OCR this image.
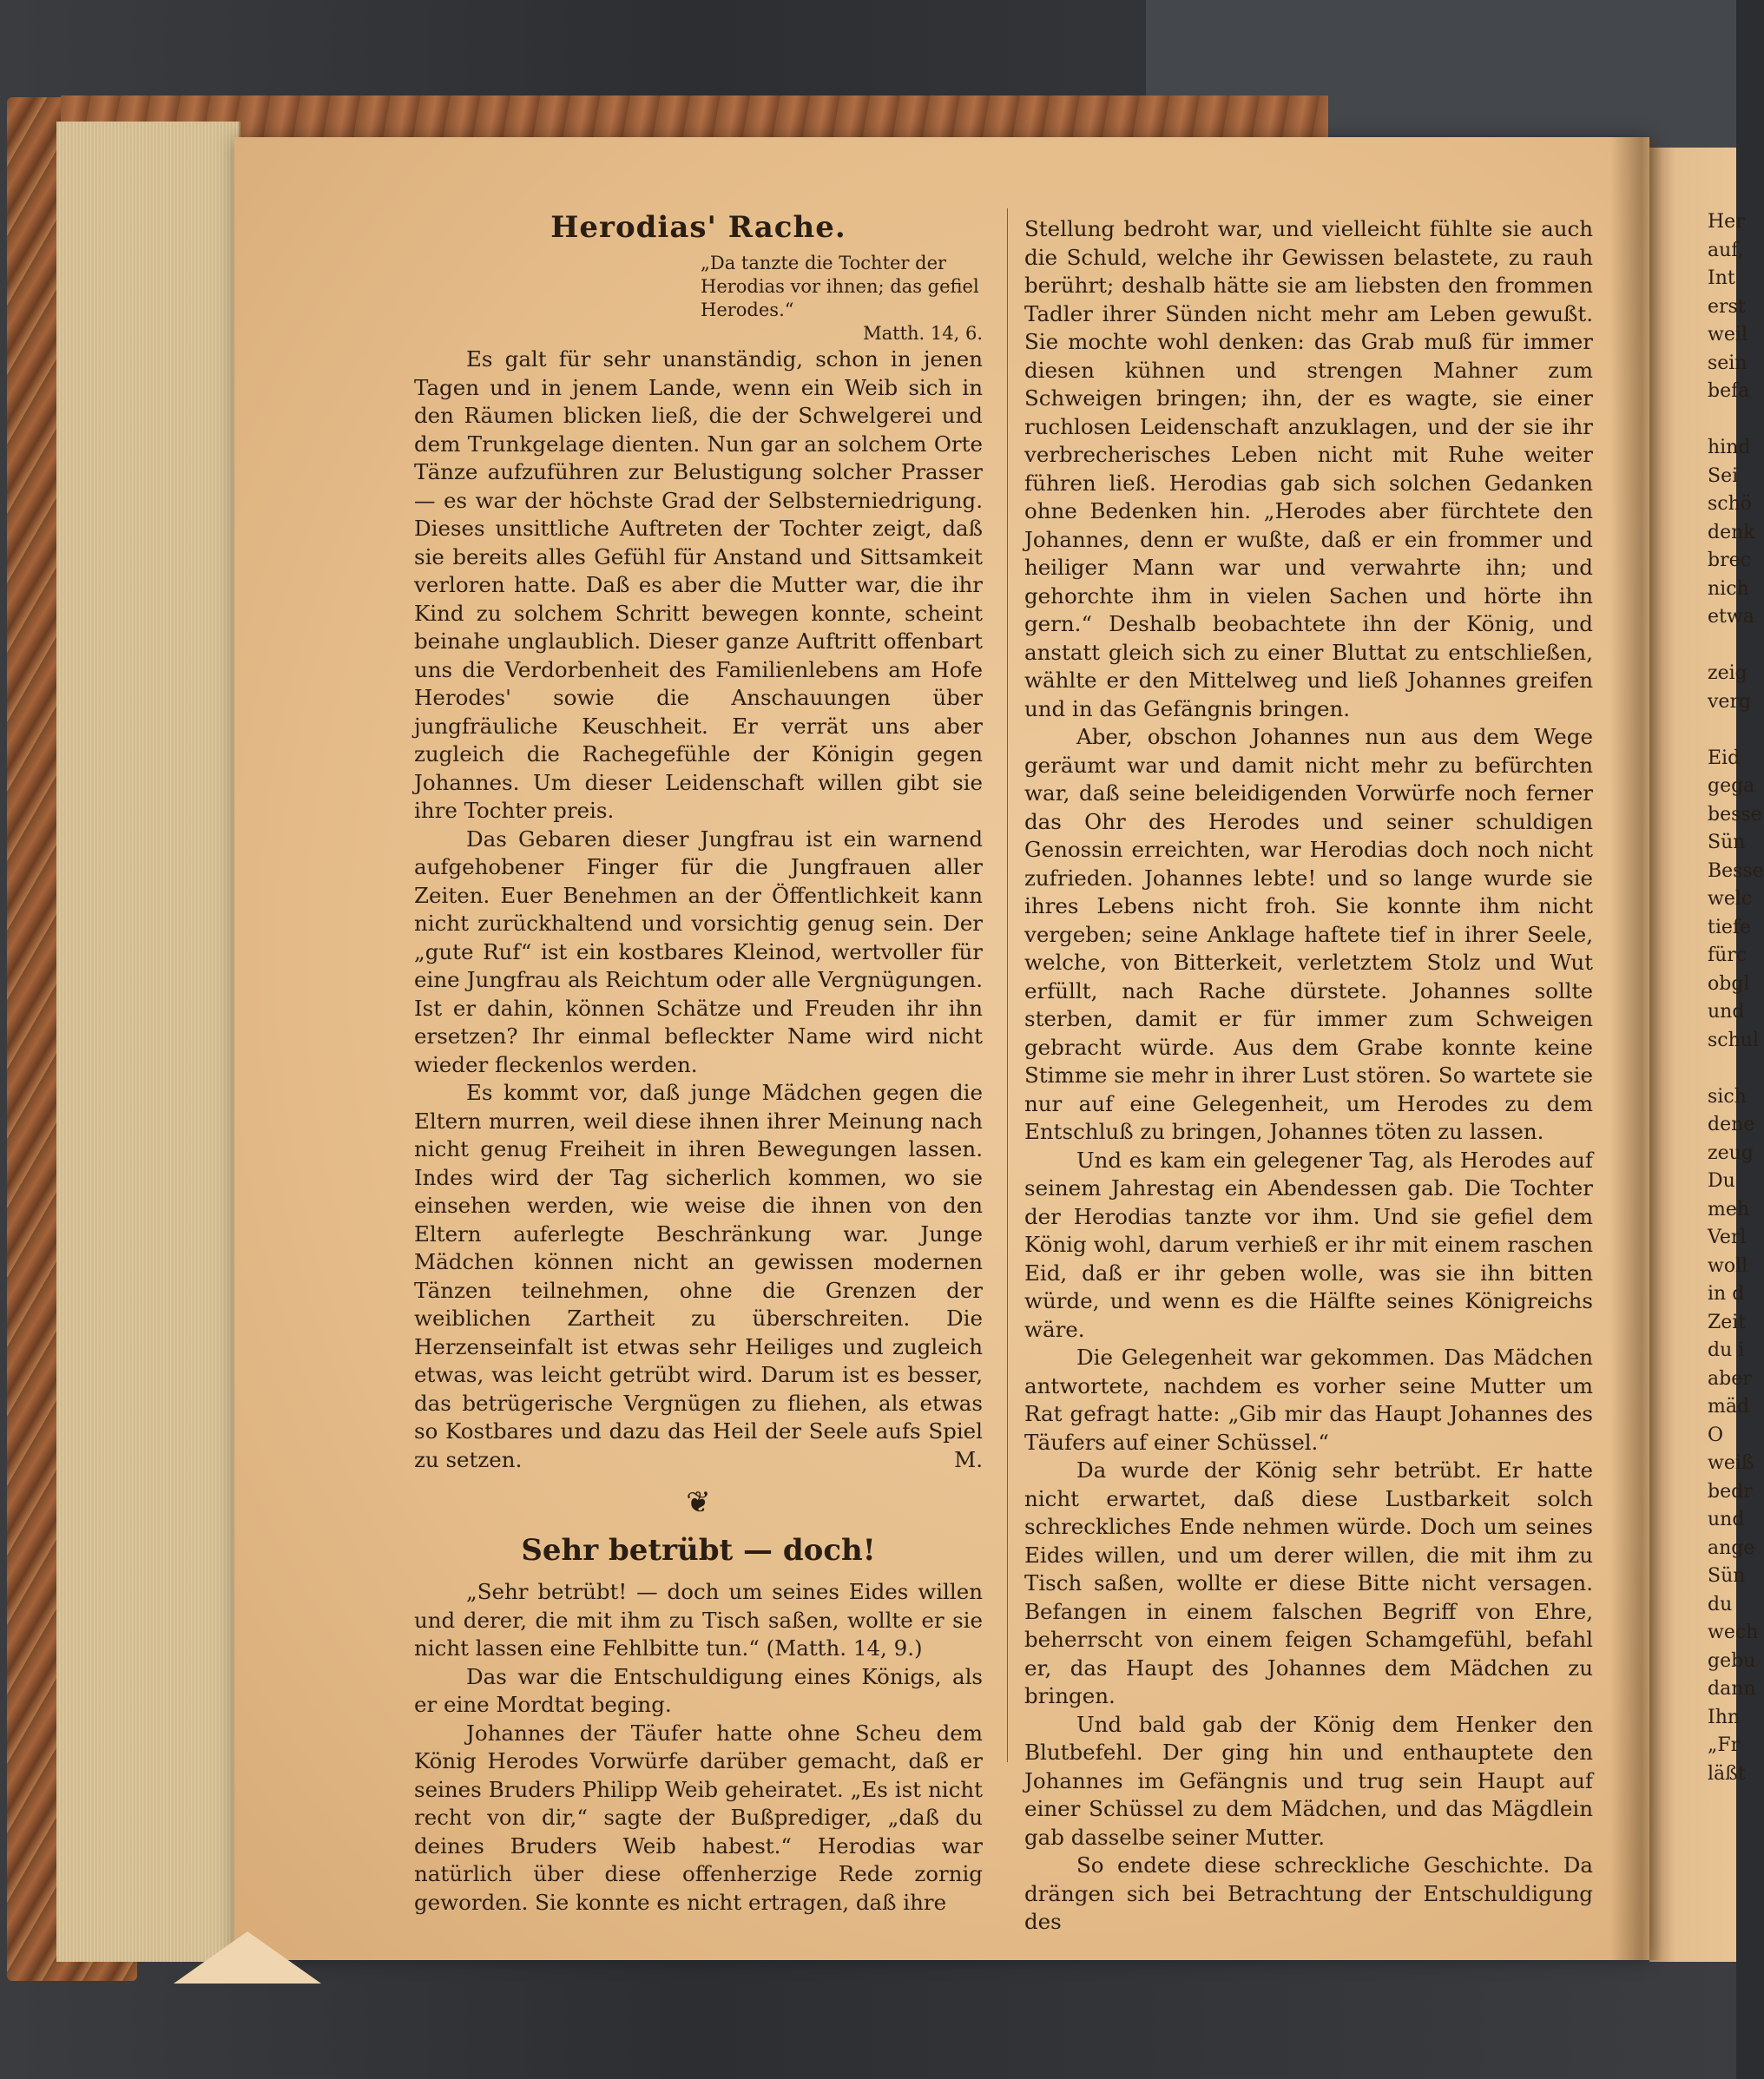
Herodias' Rache.
„Da tanzte die Tochter der Herodias vor ihnen; das gefiel Herodes.“
Matth. 14, 6.

Es galt für sehr unanständig, schon in jenen Tagen und in jenem Lande, wenn ein Weib sich in den Räumen blicken ließ, die der Schwelgerei und dem Trunkgelage dienten. Nun gar an solchem Orte Tänze aufzuführen zur Belustigung solcher Prasser — es war der höchste Grad der Selbsterniedrigung. Dieses unsittliche Auftreten der Tochter zeigt, daß sie bereits alles Gefühl für Anstand und Sittsamkeit verloren hatte. Daß es aber die Mutter war, die ihr Kind zu solchem Schritt bewegen konnte, scheint beinahe unglaublich. Dieser ganze Auftritt offenbart uns die Verdorbenheit des Familienlebens am Hofe Herodes' sowie die Anschauungen über jungfräuliche Keuschheit. Er verrät uns aber zugleich die Rachegefühle der Königin gegen Johannes. Um dieser Leidenschaft willen gibt sie ihre Tochter preis.

Das Gebaren dieser Jungfrau ist ein warnend aufgehobener Finger für die Jungfrauen aller Zeiten. Euer Benehmen an der Öffentlichkeit kann nicht zurückhaltend und vorsichtig genug sein. Der „gute Ruf“ ist ein kostbares Kleinod, wertvoller für eine Jungfrau als Reichtum oder alle Vergnügungen. Ist er dahin, können Schätze und Freuden ihr ihn ersetzen? Ihr einmal befleckter Name wird nicht wieder fleckenlos werden.

Es kommt vor, daß junge Mädchen gegen die Eltern murren, weil diese ihnen ihrer Meinung nach nicht genug Freiheit in ihren Bewegungen lassen. Indes wird der Tag sicherlich kommen, wo sie einsehen werden, wie weise die ihnen von den Eltern auferlegte Beschränkung war. Junge Mädchen können nicht an gewissen modernen Tänzen teilnehmen, ohne die Grenzen der weiblichen Zartheit zu überschreiten. Die Herzenseinfalt ist etwas sehr Heiliges und zugleich etwas, was leicht getrübt wird. Darum ist es besser, das betrügerische Vergnügen zu fliehen, als etwas so Kostbares und dazu das Heil der Seele aufs Spiel zu setzen.	M.

❦
Sehr betrübt — doch!

„Sehr betrübt! — doch um seines Eides willen und derer, die mit ihm zu Tisch saßen, wollte er sie nicht lassen eine Fehlbitte tun.“ (Matth. 14, 9.)

Das war die Entschuldigung eines Königs, als er eine Mordtat beging.

Johannes der Täufer hatte ohne Scheu dem König Herodes Vorwürfe darüber gemacht, daß er seines Bruders Philipp Weib geheiratet. „Es ist nicht recht von dir,“ sagte der Bußprediger, „daß du deines Bruders Weib habest.“ Herodias war natürlich über diese offenherzige Rede zornig geworden. Sie konnte es nicht ertragen, daß ihre

Stellung bedroht war, und vielleicht fühlte sie auch die Schuld, welche ihr Gewissen belastete, zu rauh berührt; deshalb hätte sie am liebsten den frommen Tadler ihrer Sünden nicht mehr am Leben gewußt. Sie mochte wohl denken: das Grab muß für immer diesen kühnen und strengen Mahner zum Schweigen bringen; ihn, der es wagte, sie einer ruchlosen Leidenschaft anzuklagen, und der sie ihr verbrecherisches Leben nicht mit Ruhe weiter führen ließ. Herodias gab sich solchen Gedanken ohne Bedenken hin. „Herodes aber fürchtete den Johannes, denn er wußte, daß er ein frommer und heiliger Mann war und verwahrte ihn; und gehorchte ihm in vielen Sachen und hörte ihn gern.“ Deshalb beobachtete ihn der König, und anstatt gleich sich zu einer Bluttat zu entschließen, wählte er den Mittelweg und ließ Johannes greifen und in das Gefängnis bringen.

Aber, obschon Johannes nun aus dem Wege geräumt war und damit nicht mehr zu befürchten war, daß seine beleidigenden Vorwürfe noch ferner das Ohr des Herodes und seiner schuldigen Genossin erreichten, war Herodias doch noch nicht zufrieden. Johannes lebte! und so lange wurde sie ihres Lebens nicht froh. Sie konnte ihm nicht vergeben; seine Anklage haftete tief in ihrer Seele, welche, von Bitterkeit, verletztem Stolz und Wut erfüllt, nach Rache dürstete. Johannes sollte sterben, damit er für immer zum Schweigen gebracht würde. Aus dem Grabe konnte keine Stimme sie mehr in ihrer Lust stören. So wartete sie nur auf eine Gelegenheit, um Herodes zu dem Entschluß zu bringen, Johannes töten zu lassen.

Und es kam ein gelegener Tag, als Herodes auf seinem Jahrestag ein Abendessen gab. Die Tochter der Herodias tanzte vor ihm. Und sie gefiel dem König wohl, darum verhieß er ihr mit einem raschen Eid, daß er ihr geben wolle, was sie ihn bitten würde, und wenn es die Hälfte seines Königreichs wäre.

Die Gelegenheit war gekommen. Das Mädchen antwortete, nachdem es vorher seine Mutter um Rat gefragt hatte: „Gib mir das Haupt Johannes des Täufers auf einer Schüssel.“

Da wurde der König sehr betrübt. Er hatte nicht erwartet, daß diese Lustbarkeit solch schreckliches Ende nehmen würde. Doch um seines Eides willen, und um derer willen, die mit ihm zu Tisch saßen, wollte er diese Bitte nicht versagen. Befangen in einem falschen Begriff von Ehre, beherrscht von einem feigen Schamgefühl, befahl er, das Haupt des Johannes dem Mädchen zu bringen.

Und bald gab der König dem Henker den Blutbefehl. Der ging hin und enthauptete den Johannes im Gefängnis und trug sein Haupt auf einer Schüssel zu dem Mädchen, und das Mägdlein gab dasselbe seiner Mutter.

So endete diese schreckliche Geschichte. Da drängen sich bei Betrachtung der Entschuldigung des

Her
auf,
Int
erst
weil
sein
befa
hind
Sei
schö
denk
brec
nich
etwa
zeig
verg
Eid
gega
besse
Sün
Besse
welc
tiefe
fürc
obgl
und
schul
sich
dene
zeug
Du
meh
Verl
woll
in d
Zeit
du i
aber
mäd
O
weiß
bedr
und
ange
Sün
du
wech
gebu
dann
Ihn
„Fr
läßt
